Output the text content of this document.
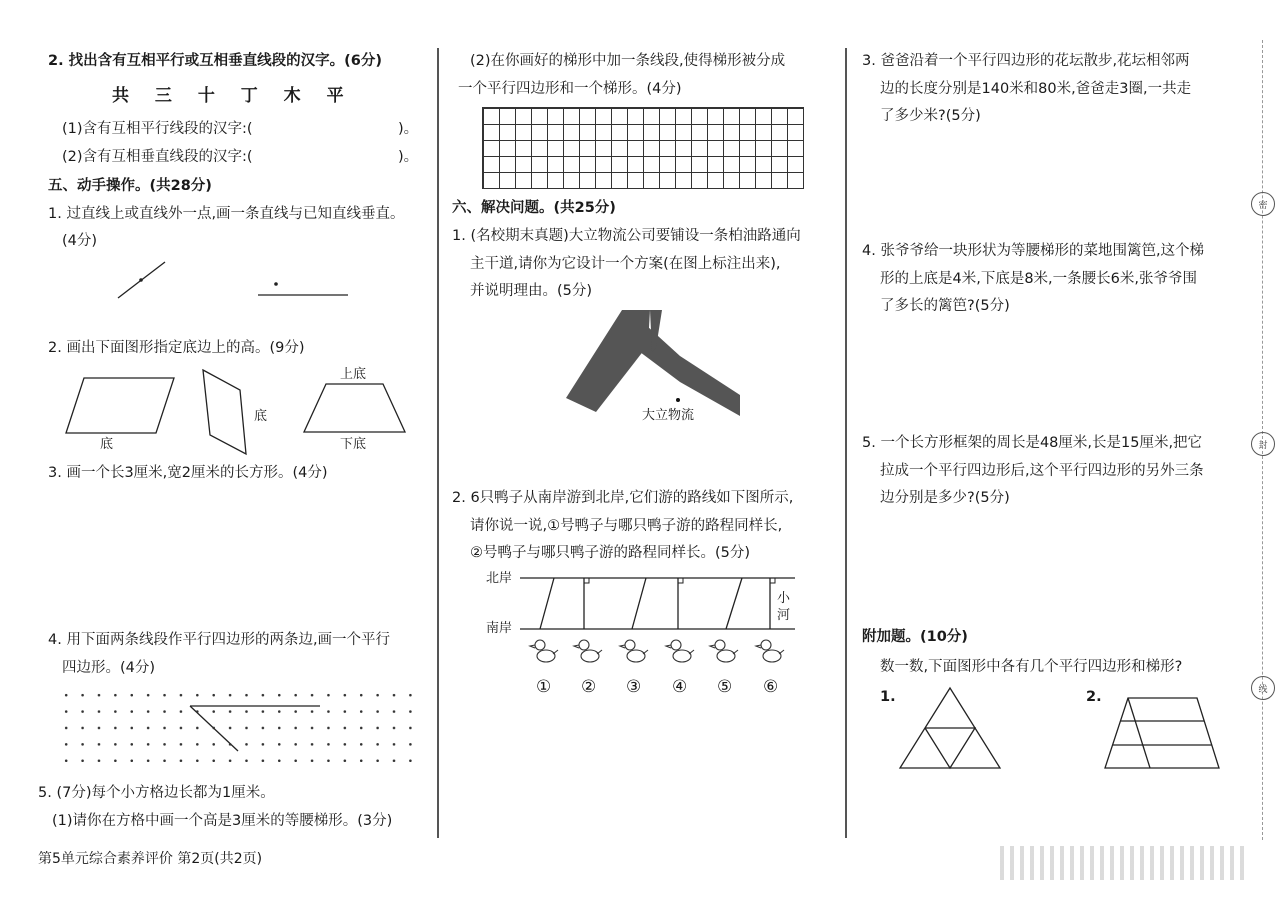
密
封
线
2. 找出含有互相平行或互相垂直线段的汉字。(6分)
共 三 十 丁 木 平
(1)含有互相平行线段的汉字:(	)。
(2)含有互相垂直线段的汉字:(	)。
五、动手操作。(共28分)
1. 过直线上或直线外一点,画一条直线与已知直线垂直。
(4分)
2. 画出下面图形指定底边上的高。(9分)
底
底
上底
下底
3. 画一个长3厘米,宽2厘米的长方形。(4分)
4. 用下面两条线段作平行四边形的两条边,画一个平行
四边形。(4分)
5. (7分)每个小方格边长都为1厘米。
(1)请你在方格中画一个高是3厘米的等腰梯形。(3分)
(2)在你画好的梯形中加一条线段,使得梯形被分成
一个平行四边形和一个梯形。(4分)
六、解决问题。(共25分)
1. (名校期末真题)大立物流公司要铺设一条柏油路通向
主干道,请你为它设计一个方案(在图上标注出来),
并说明理由。(5分)
大立物流
2. 6只鸭子从南岸游到北岸,它们游的路线如下图所示,
请你说一说,①号鸭子与哪只鸭子游的路程同样长,
②号鸭子与哪只鸭子游的路程同样长。(5分)
北岸
南岸
小河
① ② ③ ④ ⑤ ⑥
3. 爸爸沿着一个平行四边形的花坛散步,花坛相邻两
边的长度分别是140米和80米,爸爸走3圈,一共走
了多少米?(5分)
4. 张爷爷给一块形状为等腰梯形的菜地围篱笆,这个梯
形的上底是4米,下底是8米,一条腰长6米,张爷爷围
了多长的篱笆?(5分)
5. 一个长方形框架的周长是48厘米,长是15厘米,把它
拉成一个平行四边形后,这个平行四边形的另外三条
边分别是多少?(5分)
附加题。(10分)
数一数,下面图形中各有几个平行四边形和梯形?
1.	2.
第5单元综合素养评价 第2页(共2页)
